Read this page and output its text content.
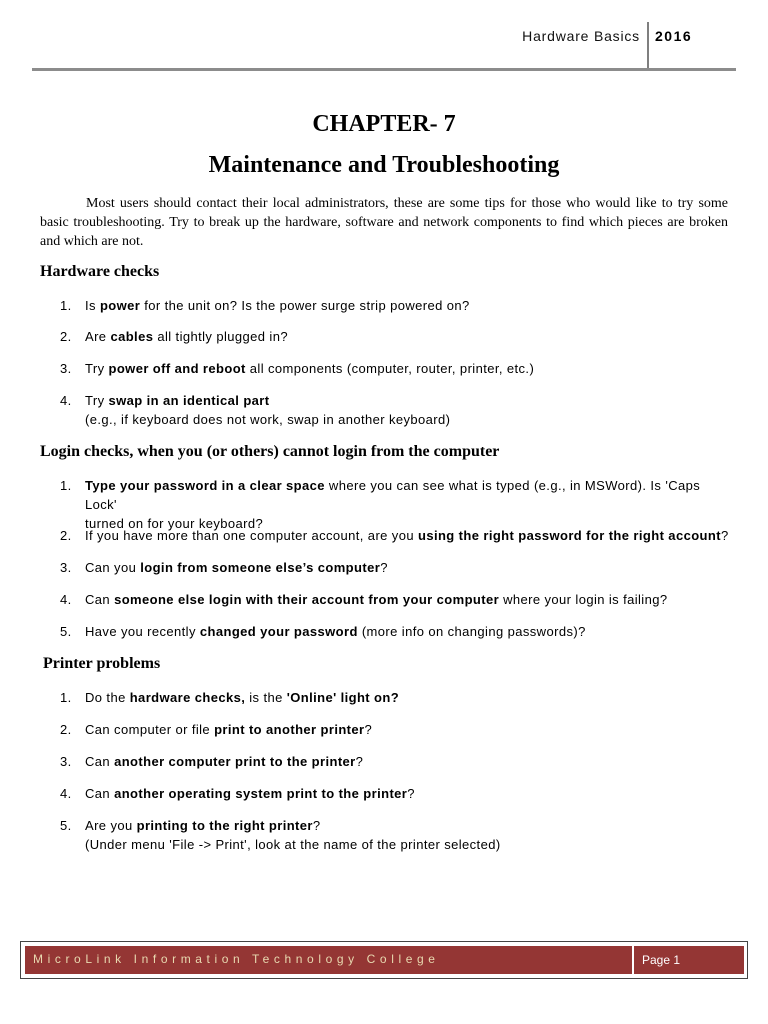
Hardware Basics 2016
CHAPTER- 7
Maintenance and Troubleshooting

Most users should contact their local administrators, these are some tips for those who would like to try some basic troubleshooting. Try to break up the hardware, software and network components to find which pieces are broken and which are not.

Hardware checks
1. Is power for the unit on? Is the power surge strip powered on?
2. Are cables all tightly plugged in?
3. Try power off and reboot all components (computer, router, printer, etc.)
4. Try swap in an identical part
(e.g., if keyboard does not work, swap in another keyboard)
Login checks, when you (or others) cannot login from the computer
1. Type your password in a clear space where you can see what is typed (e.g., in MSWord). Is 'Caps Lock'
turned on for your keyboard?
2. If you have more than one computer account, are you using the right password for the right account?
3. Can you login from someone else’s computer?
4. Can someone else login with their account from your computer where your login is failing?
5. Have you recently changed your password (more info on changing passwords)?
Printer problems
1. Do the hardware checks, is the 'Online' light on?
2. Can computer or file print to another printer?
3. Can another computer print to the printer?
4. Can another operating system print to the printer?
5. Are you printing to the right printer?
(Under menu 'File -> Print', look at the name of the printer selected)
MicroLink Information Technology College	Page 1
